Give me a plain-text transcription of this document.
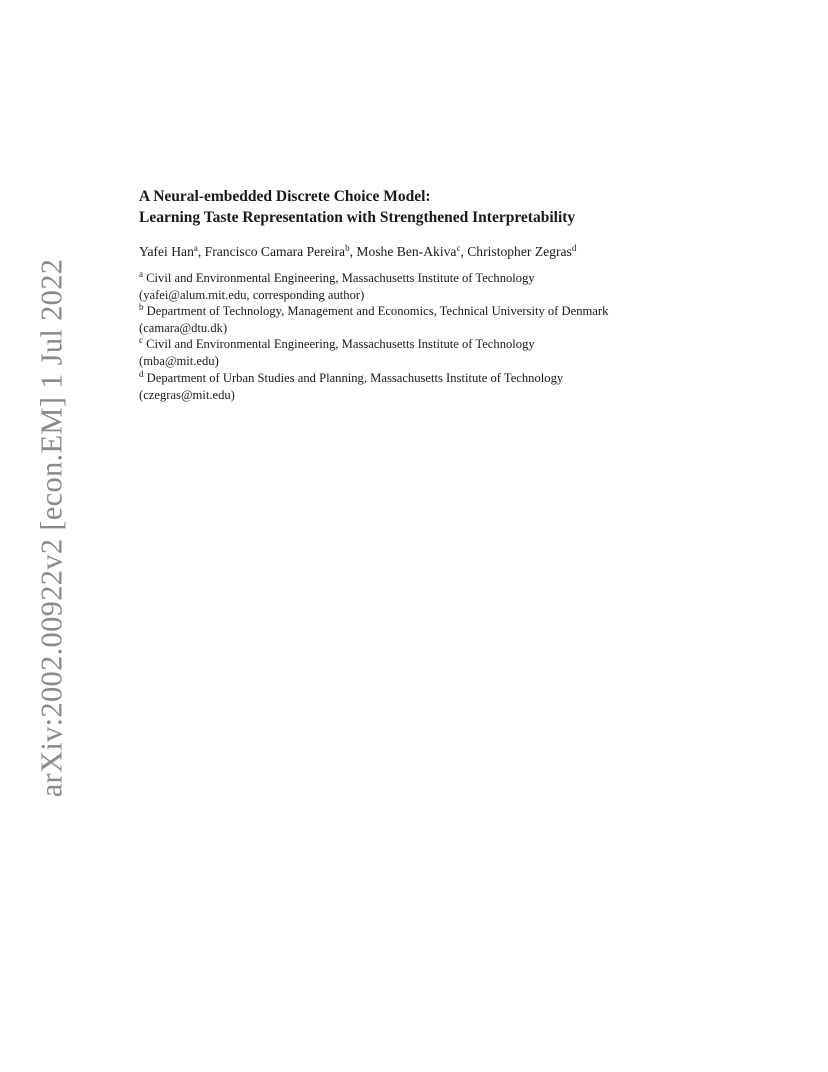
arXiv:2002.00922v2 [econ.EM] 1 Jul 2022
A Neural-embedded Discrete Choice Model:
Learning Taste Representation with Strengthened Interpretability
Yafei Han$^a$, Francisco Camara Pereira$^b$, Moshe Ben-Akiva$^c$, Christopher Zegras$^d$
$^a$ Civil and Environmental Engineering, Massachusetts Institute of Technology
(yafei@alum.mit.edu, corresponding author)
$^b$ Department of Technology, Management and Economics, Technical University of Denmark
(camara@dtu.dk)
$^c$ Civil and Environmental Engineering, Massachusetts Institute of Technology
(mba@mit.edu)
$^d$ Department of Urban Studies and Planning, Massachusetts Institute of Technology
(czegras@mit.edu)
